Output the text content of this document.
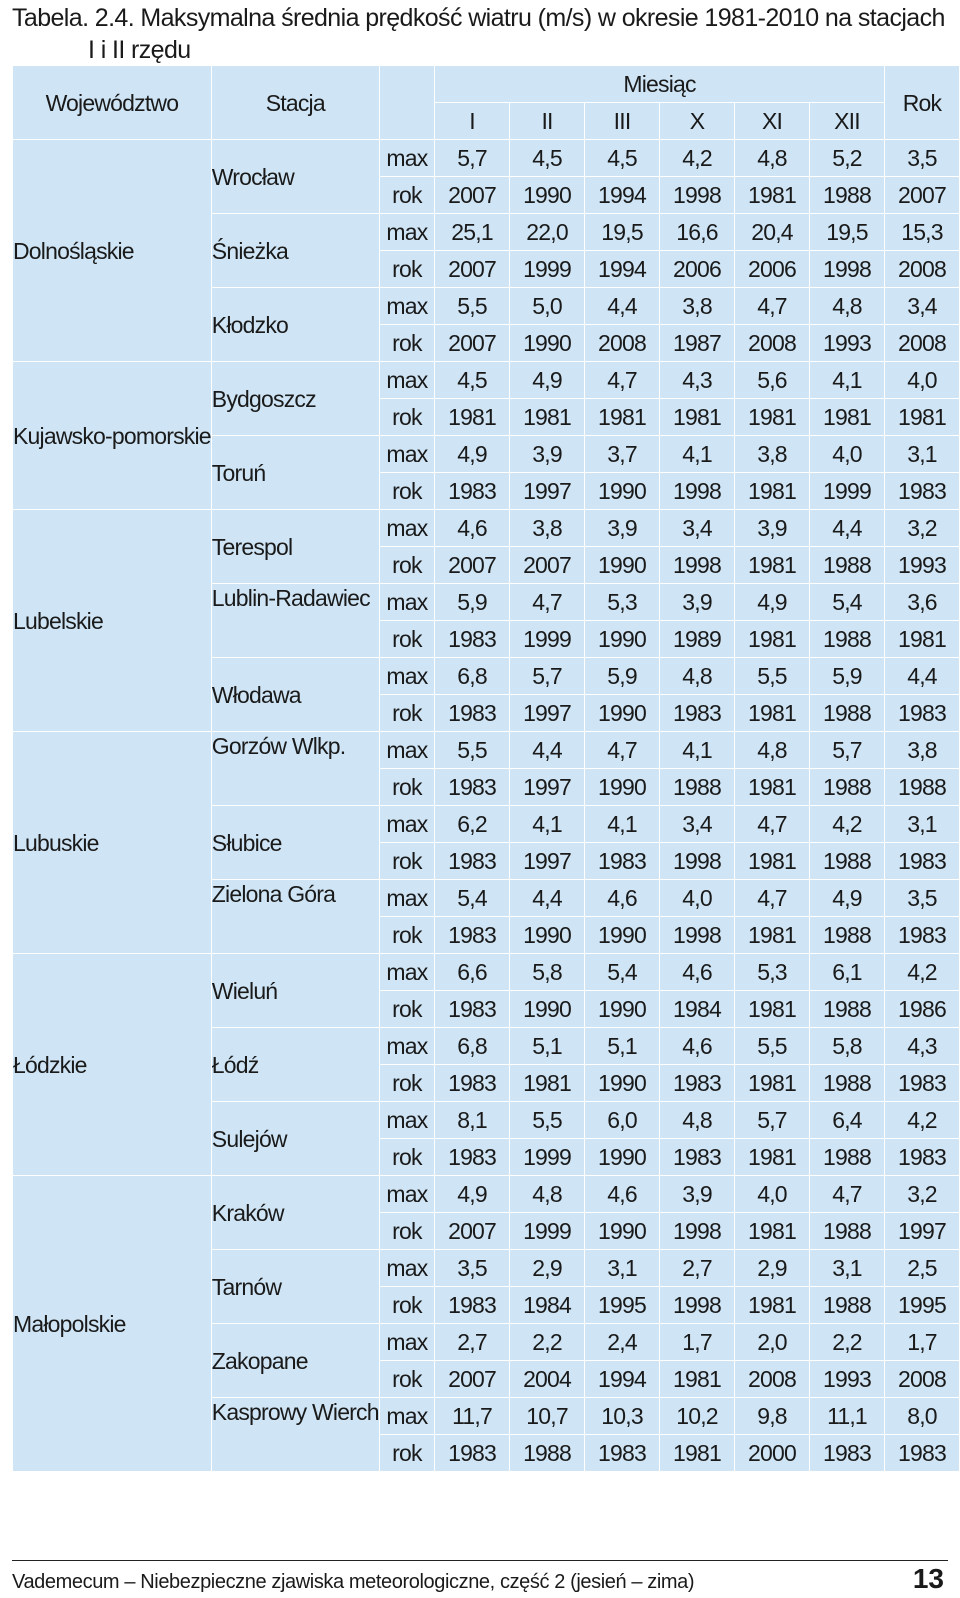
Tabela. 2.4. Maksymalna średnia prędkość wiatru (m/s) w okresie 1981-2010 na stacjach
I i II rzędu
Województwo	Stacja		Miesiąc						Rok
			I	II	III	X	XI	XII	
Dolnośląskie	Wrocław	max	5,7	4,5	4,5	4,2	4,8	5,2	3,5
		rok	2007	1990	1994	1998	1981	1988	2007
	Śnieżka	max	25,1	22,0	19,5	16,6	20,4	19,5	15,3
		rok	2007	1999	1994	2006	2006	1998	2008
	Kłodzko	max	5,5	5,0	4,4	3,8	4,7	4,8	3,4
		rok	2007	1990	2008	1987	2008	1993	2008
Kujawsko-pomorskie	Bydgoszcz	max	4,5	4,9	4,7	4,3	5,6	4,1	4,0
		rok	1981	1981	1981	1981	1981	1981	1981
	Toruń	max	4,9	3,9	3,7	4,1	3,8	4,0	3,1
		rok	1983	1997	1990	1998	1981	1999	1983
Lubelskie	Terespol	max	4,6	3,8	3,9	3,4	3,9	4,4	3,2
		rok	2007	2007	1990	1998	1981	1988	1993
	Lublin-Radawiec	max	5,9	4,7	5,3	3,9	4,9	5,4	3,6
		rok	1983	1999	1990	1989	1981	1988	1981
	Włodawa	max	6,8	5,7	5,9	4,8	5,5	5,9	4,4
		rok	1983	1997	1990	1983	1981	1988	1983
Lubuskie	Gorzów Wlkp.	max	5,5	4,4	4,7	4,1	4,8	5,7	3,8
		rok	1983	1997	1990	1988	1981	1988	1988
	Słubice	max	6,2	4,1	4,1	3,4	4,7	4,2	3,1
		rok	1983	1997	1983	1998	1981	1988	1983
	Zielona Góra	max	5,4	4,4	4,6	4,0	4,7	4,9	3,5
		rok	1983	1990	1990	1998	1981	1988	1983
Łódzkie	Wieluń	max	6,6	5,8	5,4	4,6	5,3	6,1	4,2
		rok	1983	1990	1990	1984	1981	1988	1986
	Łódź	max	6,8	5,1	5,1	4,6	5,5	5,8	4,3
		rok	1983	1981	1990	1983	1981	1988	1983
	Sulejów	max	8,1	5,5	6,0	4,8	5,7	6,4	4,2
		rok	1983	1999	1990	1983	1981	1988	1983
Małopolskie	Kraków	max	4,9	4,8	4,6	3,9	4,0	4,7	3,2
		rok	2007	1999	1990	1998	1981	1988	1997
	Tarnów	max	3,5	2,9	3,1	2,7	2,9	3,1	2,5
		rok	1983	1984	1995	1998	1981	1988	1995
	Zakopane	max	2,7	2,2	2,4	1,7	2,0	2,2	1,7
		rok	2007	2004	1994	1981	2008	1993	2008
	Kasprowy Wierch	max	11,7	10,7	10,3	10,2	9,8	11,1	8,0
		rok	1983	1988	1983	1981	2000	1983	1983
Vademecum – Niebezpieczne zjawiska meteorologiczne, część 2 (jesień – zima)	13
